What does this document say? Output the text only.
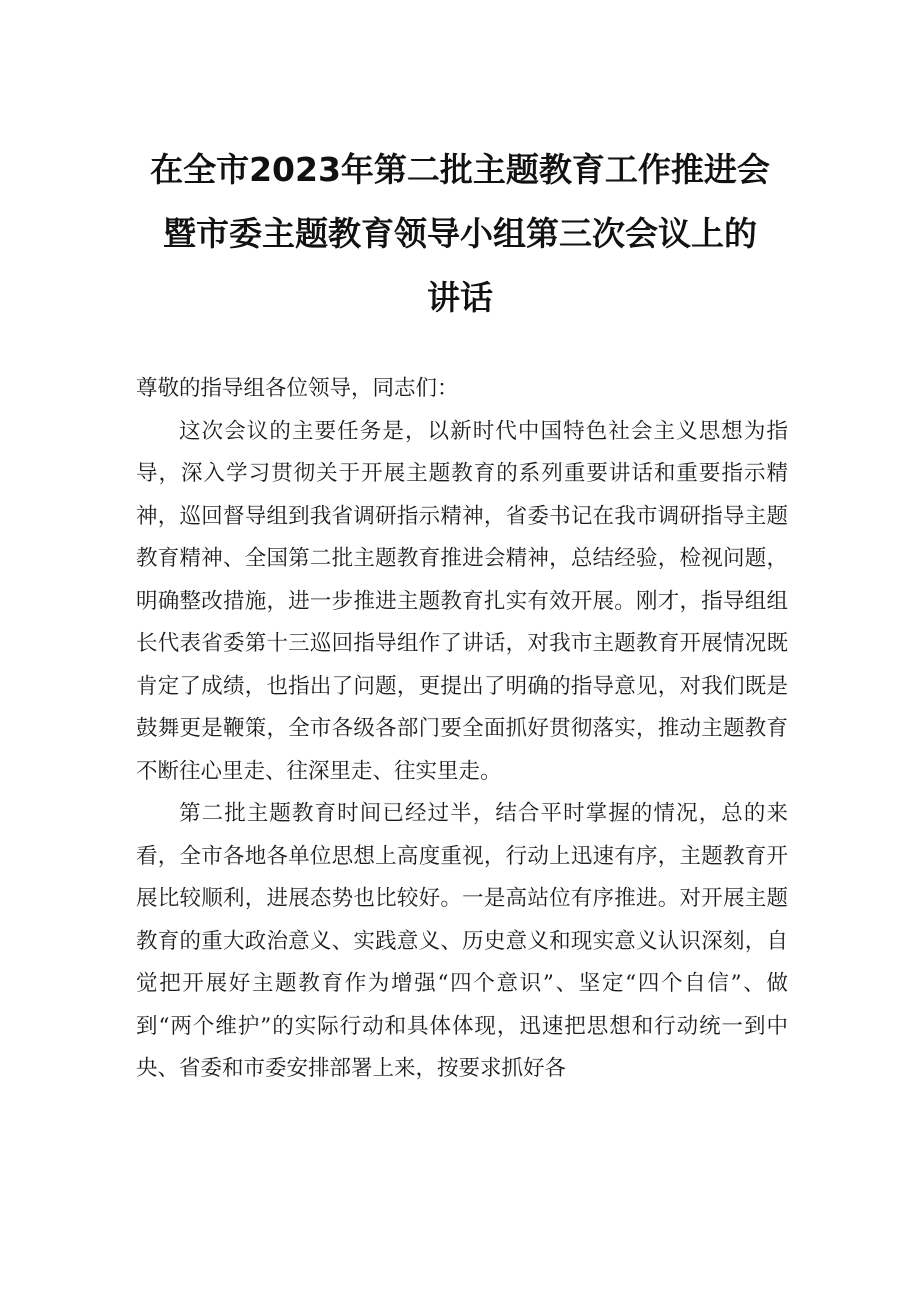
在全市2023年第二批主题教育工作推进会
暨市委主题教育领导小组第三次会议上的
讲话

尊敬的指导组各位领导，同志们：

这次会议的主要任务是，以新时代中国特色社会主义思想为指导，深入学习贯彻关于开展主题教育的系列重要讲话和重要指示精神，巡回督导组到我省调研指示精神，省委书记在我市调研指导主题教育精神、全国第二批主题教育推进会精神，总结经验，检视问题，明确整改措施，进一步推进主题教育扎实有效开展。刚才，指导组组长代表省委第十三巡回指导组作了讲话，对我市主题教育开展情况既肯定了成绩，也指出了问题，更提出了明确的指导意见，对我们既是鼓舞更是鞭策，全市各级各部门要全面抓好贯彻落实，推动主题教育不断往心里走、往深里走、往实里走。

第二批主题教育时间已经过半，结合平时掌握的情况，总的来看，全市各地各单位思想上高度重视，行动上迅速有序，主题教育开展比较顺利，进展态势也比较好。一是高站位有序推进。对开展主题教育的重大政治意义、实践意义、历史意义和现实意义认识深刻，自觉把开展好主题教育作为增强“四个意识”、坚定“四个自信”、做到“两个维护”的实际行动和具体体现，迅速把思想和行动统一到中央、省委和市委安排部署上来，按要求抓好各
